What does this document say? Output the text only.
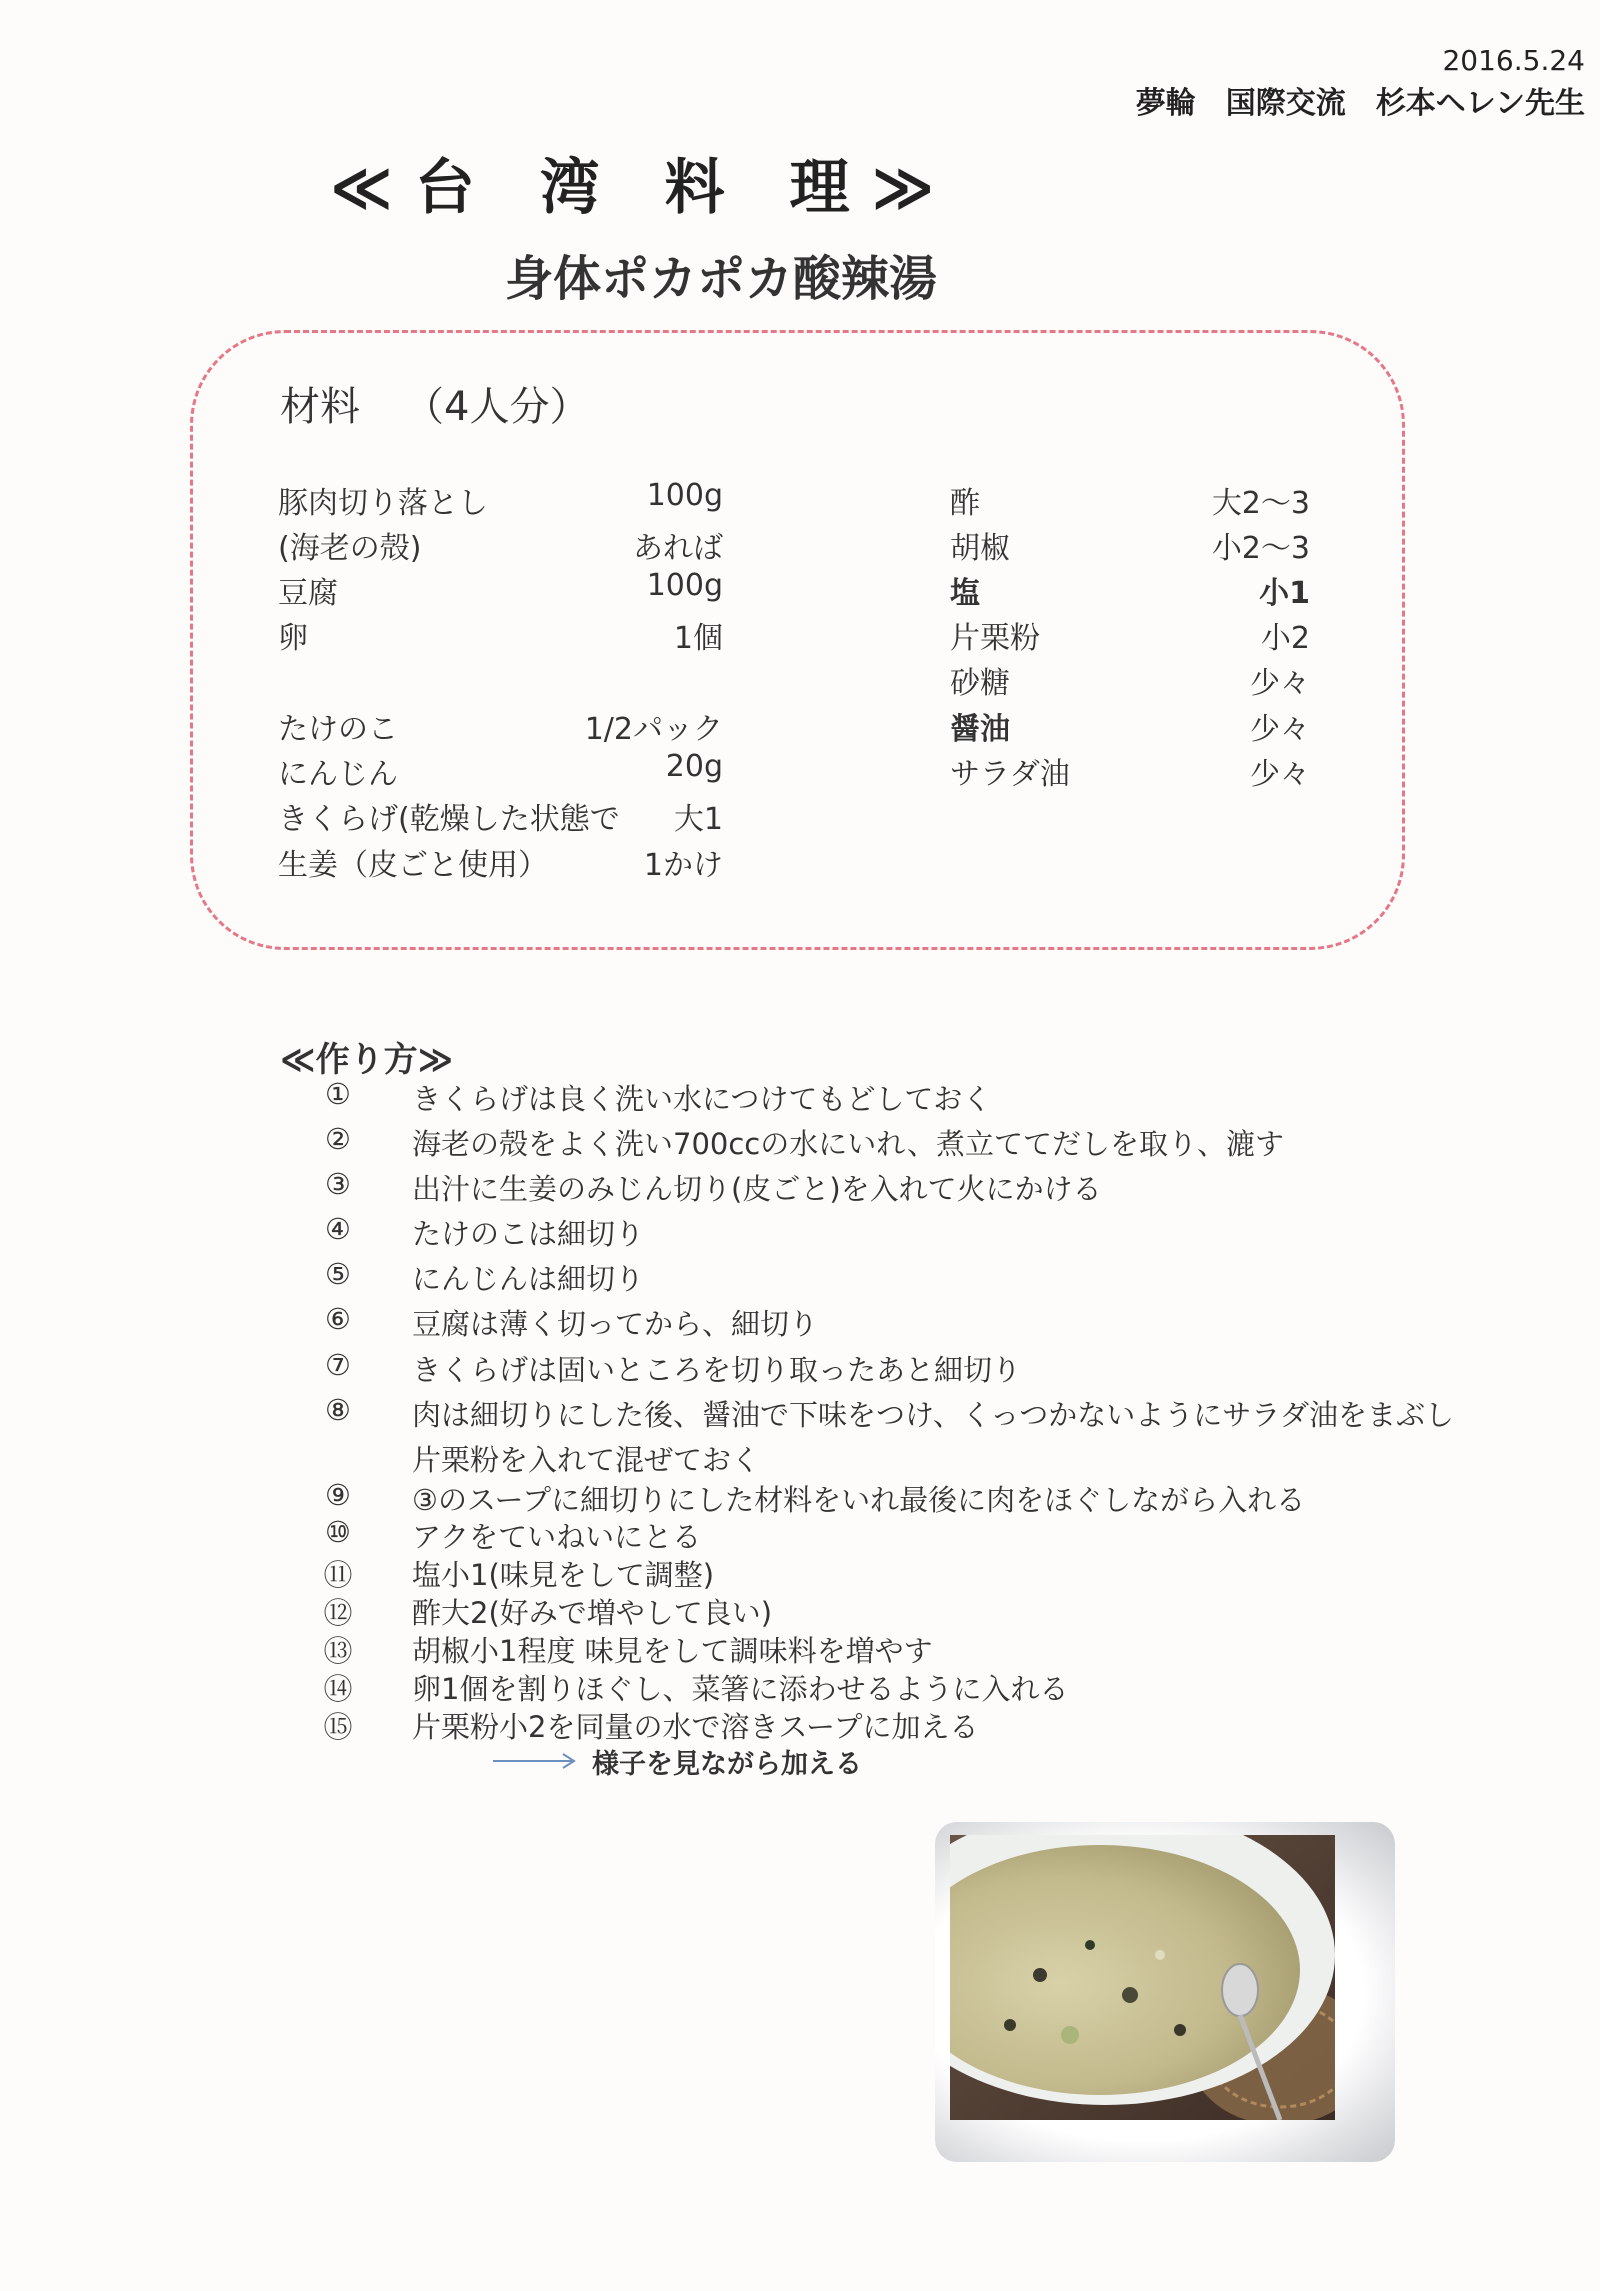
2016.5.24
夢輪　国際交流　杉本ヘレン先生
≪台 湾 料 理≫
身体ポカポカ酸辣湯
材料 （4人分）
豚肉切り落とし	100g
(海老の殻)	あれば
豆腐	100g
卵	1個
たけのこ	1/2パック
にんじん	20g
きくらげ(乾燥した状態で 大1
生姜（皮ごと使用）	1かけ
酢	大2～3
胡椒	小2～3
塩	小1
片栗粉	小2
砂糖	少々
醤油	少々
サラダ油	少々
≪作り方≫
① きくらげは良く洗い水につけてもどしておく
② 海老の殻をよく洗い700ccの水にいれ、煮立ててだしを取り、漉す
③ 出汁に生姜のみじん切り(皮ごと)を入れて火にかける
④ たけのこは細切り
⑤ にんじんは細切り
⑥ 豆腐は薄く切ってから、細切り
⑦ きくらげは固いところを切り取ったあと細切り
⑧ 肉は細切りにした後、醤油で下味をつけ、くっつかないようにサラダ油をまぶし
片栗粉を入れて混ぜておく
⑨ ③のスープに細切りにした材料をいれ最後に肉をほぐしながら入れる
⑩ アクをていねいにとる
⑪ 塩小1(味見をして調整)
⑫ 酢大2(好みで増やして良い)
⑬ 胡椒小1程度 味見をして調味料を増やす
⑭ 卵1個を割りほぐし、菜箸に添わせるように入れる
⑮ 片栗粉小2を同量の水で溶きスープに加える
様子を見ながら加える
